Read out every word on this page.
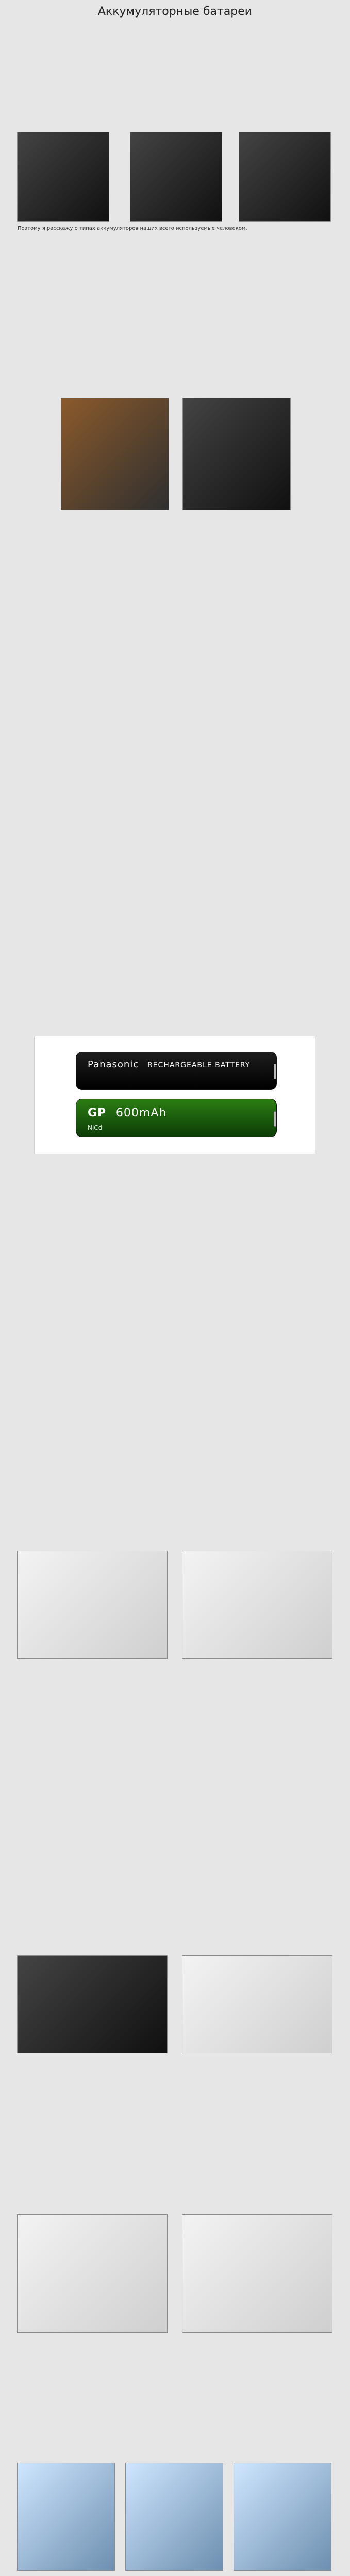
Аккумуляторные батареи
Поэтому я расскажу о типах аккумуляторов наших всего используемые человеком.
Panasonic RECHARGEABLE BATTERY
GP 600mAh
NiCd
